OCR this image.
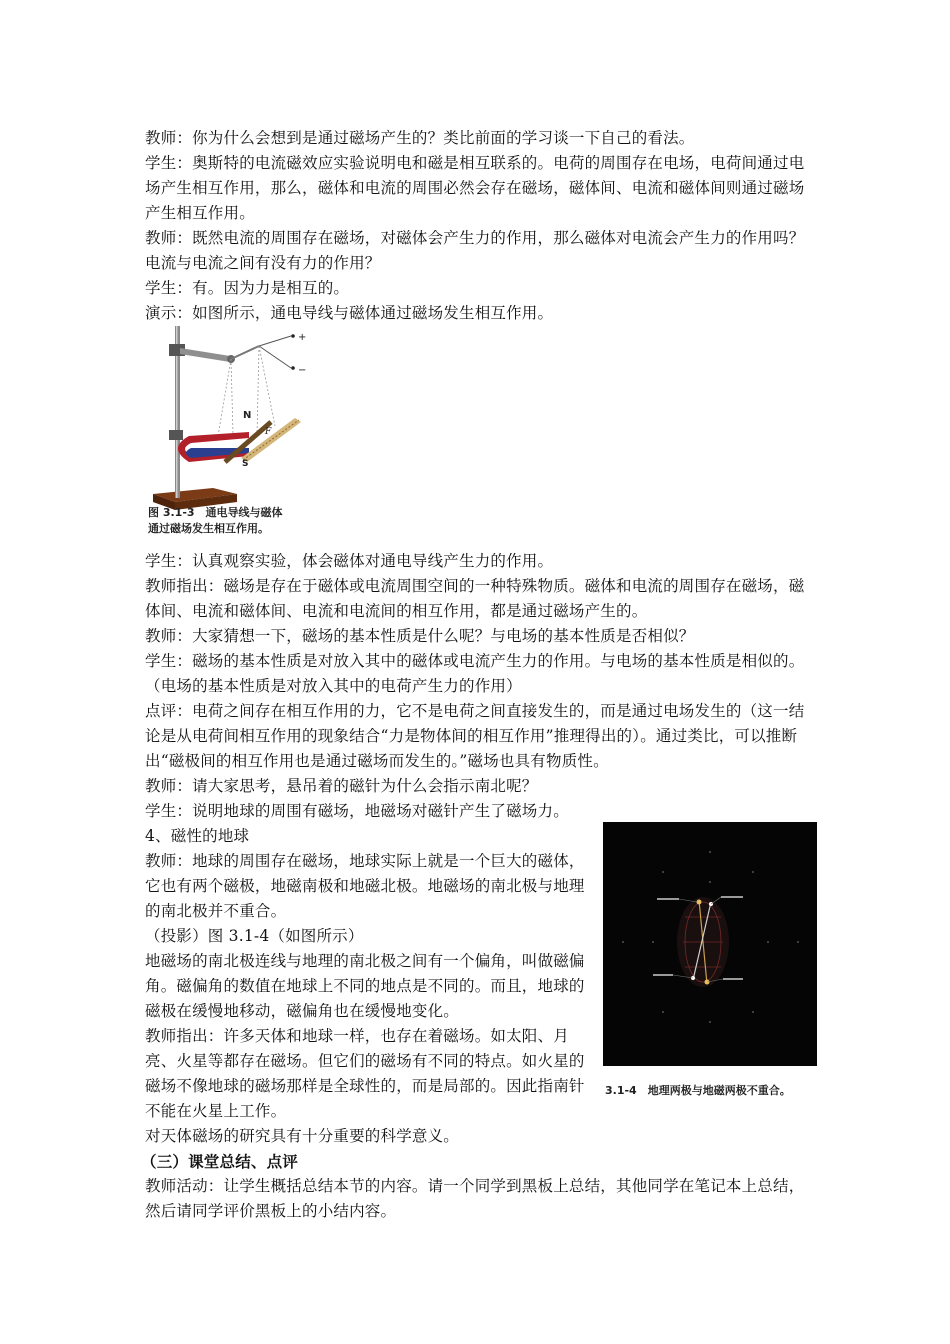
教师：你为什么会想到是通过磁场产生的？类比前面的学习谈一下自己的看法。

学生：奥斯特的电流磁效应实验说明电和磁是相互联系的。电荷的周围存在电场，电荷间通过电场产生相互作用，那么，磁体和电流的周围必然会存在磁场，磁体间、电流和磁体间则通过磁场产生相互作用。

教师：既然电流的周围存在磁场，对磁体会产生力的作用，那么磁体对电流会产生力的作用吗？电流与电流之间有没有力的作用？

学生：有。因为力是相互的。

演示：如图所示，通电导线与磁体通过磁场发生相互作用。

+
−
N
S
F
图 3.1-3　通电导线与磁体
通过磁场发生相互作用。

学生：认真观察实验，体会磁体对通电导线产生力的作用。

教师指出：磁场是存在于磁体或电流周围空间的一种特殊物质。磁体和电流的周围存在磁场，磁体间、电流和磁体间、电流和电流间的相互作用，都是通过磁场产生的。

教师：大家猜想一下，磁场的基本性质是什么呢？与电场的基本性质是否相似？

学生：磁场的基本性质是对放入其中的磁体或电流产生力的作用。与电场的基本性质是相似的。（电场的基本性质是对放入其中的电荷产生力的作用）

点评：电荷之间存在相互作用的力，它不是电荷之间直接发生的，而是通过电场发生的（这一结论是从电荷间相互作用的现象结合“力是物体间的相互作用”推理得出的）。通过类比，可以推断出“磁极间的相互作用也是通过磁场而发生的。”磁场也具有物质性。

教师：请大家思考，悬吊着的磁针为什么会指示南北呢？

学生：说明地球的周围有磁场，地磁场对磁针产生了磁场力。

4、磁性的地球

教师：地球的周围存在磁场，地球实际上就是一个巨大的磁体，它也有两个磁极，地磁南极和地磁北极。地磁场的南北极与地理的南北极并不重合。

（投影）图 3.1-4（如图所示）

地磁场的南北极连线与地理的南北极之间有一个偏角，叫做磁偏角。磁偏角的数值在地球上不同的地点是不同的。而且，地球的磁极在缓慢地移动，磁偏角也在缓慢地变化。

教师指出：许多天体和地球一样，也存在着磁场。如太阳、月亮、火星等都存在磁场。但它们的磁场有不同的特点。如火星的磁场不像地球的磁场那样是全球性的，而是局部的。因此指南针不能在火星上工作。

对天体磁场的研究具有十分重要的科学意义。

（三）课堂总结、点评

教师活动：让学生概括总结本节的内容。请一个同学到黑板上总结，其他同学在笔记本上总结，然后请同学评价黑板上的小结内容。

3.1-4　地理两极与地磁两极不重合。
